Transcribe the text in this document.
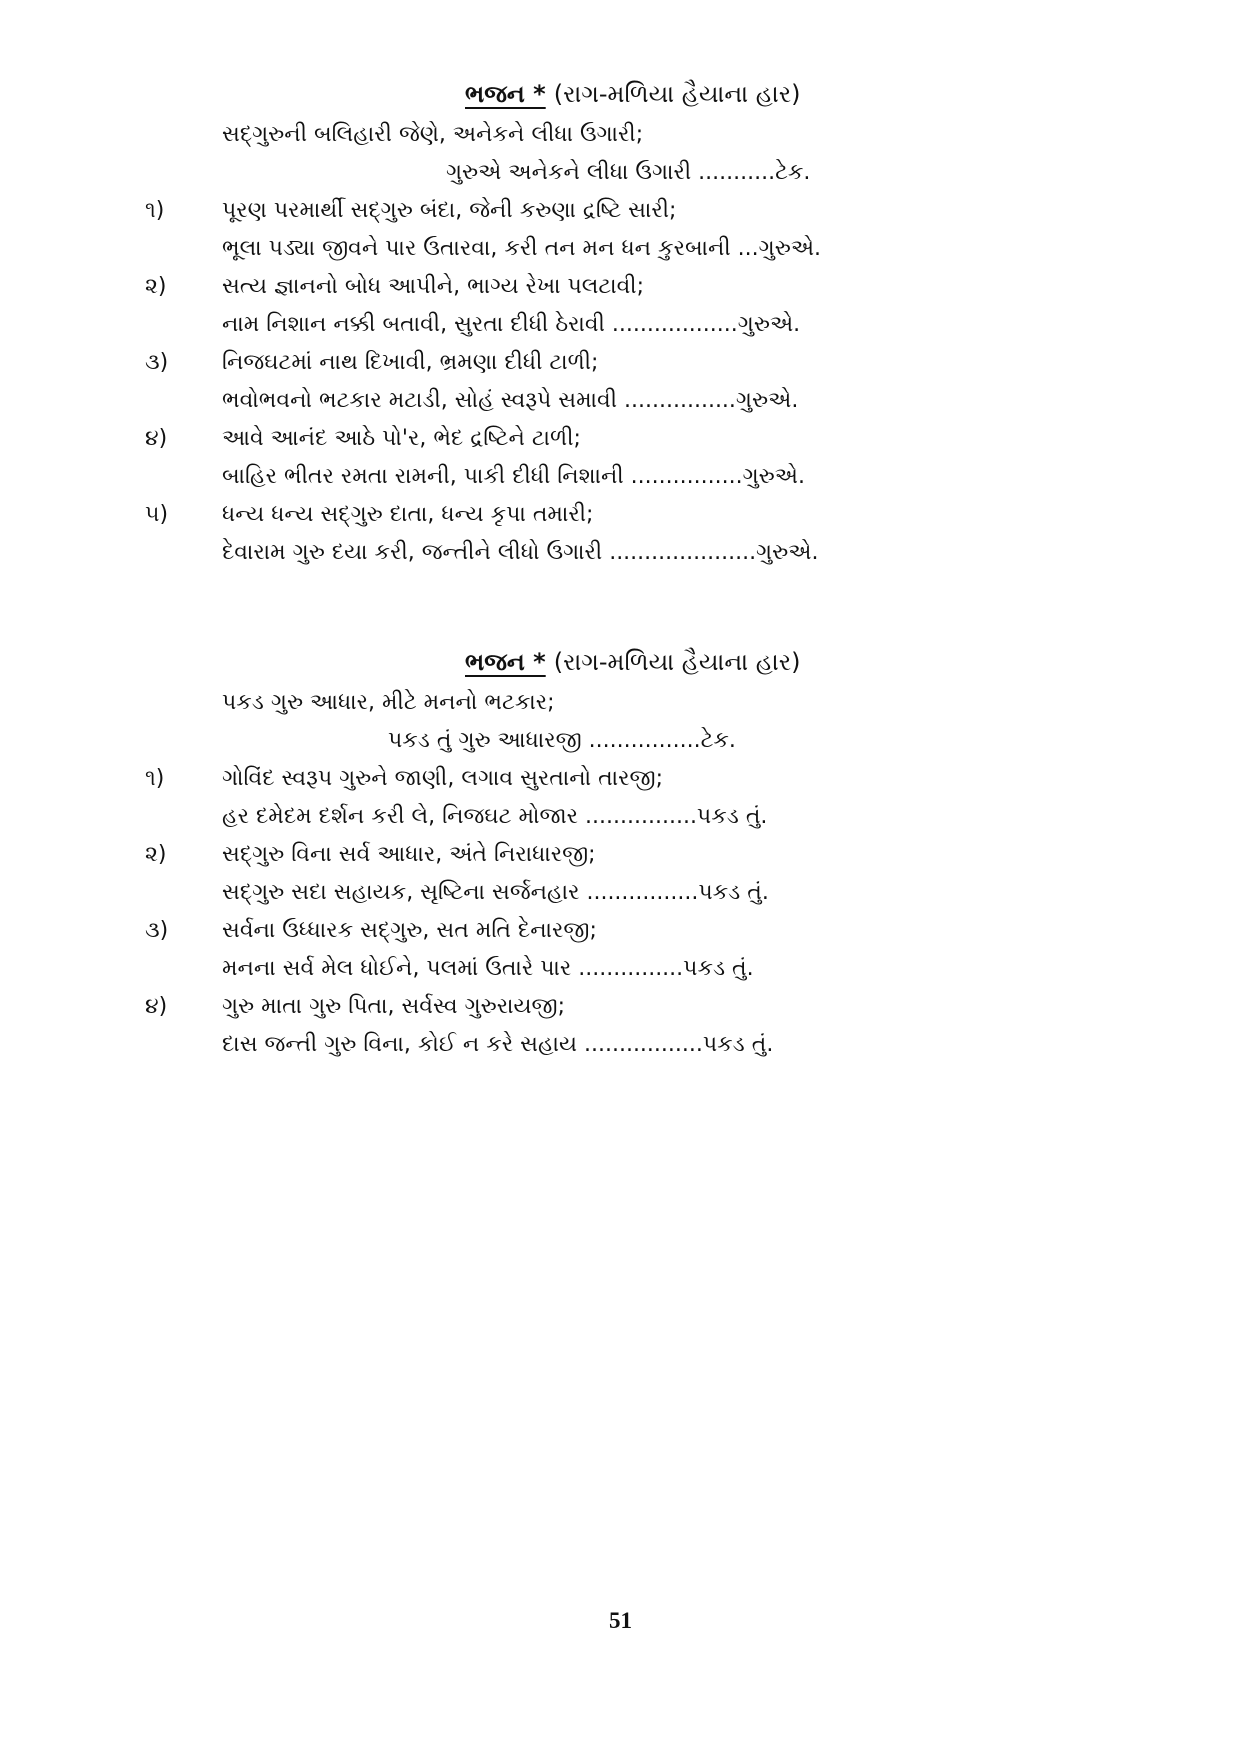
ભજન * (રાગ-મળિયા હૈયાના હાર)
સદ્‌ગુરુની બલિહારી જેણે, અનેકને લીધા ઉગારી;
ગુરુએ અનેકને લીધા ઉગારી ...........ટેક.
૧)	પૂરણ પરમાર્થી સદ્‌ગુરુ બંદા, જેની કરુણા દ્રષ્ટિ સારી;
ભૂલા પડ્યા જીવને પાર ઉતારવા, કરી તન મન ધન કુરબાની ...ગુરુએ.
૨)	સત્ય જ્ઞાનનો બોધ આપીને, ભાગ્ય રેખા પલટાવી;
નામ નિશાન નક્કી બતાવી, સુરતા દીધી ઠેરાવી ..................ગુરુએ.
૩)	નિજઘટમાં નાથ દિખાવી, ભ્રમણા દીધી ટાળી;
ભવોભવનો ભટકાર મટાડી, સોહં સ્વરૂપે સમાવી ................ગુરુએ.
૪)	આવે આનંદ આઠે પો'ર, ભેદ દ્રષ્ટિને ટાળી;
બાહિર ભીતર રમતા રામની, પાકી દીધી નિશાની ................ગુરુએ.
૫)	ધન્ય ધન્ય સદ્‌ગુરુ દાતા, ધન્ય કૃપા તમારી;
દેવારામ ગુરુ દયા કરી, જન્તીને લીધો ઉગારી .....................ગુરુએ.
ભજન * (રાગ-મળિયા હૈયાના હાર)
પકડ ગુરુ આધાર, મીટે મનનો ભટકાર;
પકડ તું ગુરુ આધારજી ................ટેક.
૧)	ગોવિંદ સ્વરૂપ ગુરુને જાણી, લગાવ સુરતાનો તારજી;
હર દમેદમ દર્શન કરી લે, નિજઘટ મોજાર ................પકડ તું.
૨)	સદ્‌ગુરુ વિના સર્વ આધાર, અંતે નિરાધારજી;
સદ્‌ગુરુ સદા સહાયક, સૃષ્ટિના સર્જનહાર ................પકડ તું.
૩)	સર્વના ઉધ્ધારક સદ્‌ગુરુ, સત મતિ દેનારજી;
મનના સર્વ મેલ ધોઈને, પલમાં ઉતારે પાર ...............પકડ તું.
૪)	ગુરુ માતા ગુરુ પિતા, સર્વસ્વ ગુરુરાયજી;
દાસ જન્તી ગુરુ વિના, કોઈ ન કરે સહાય .................પકડ તું.
51
